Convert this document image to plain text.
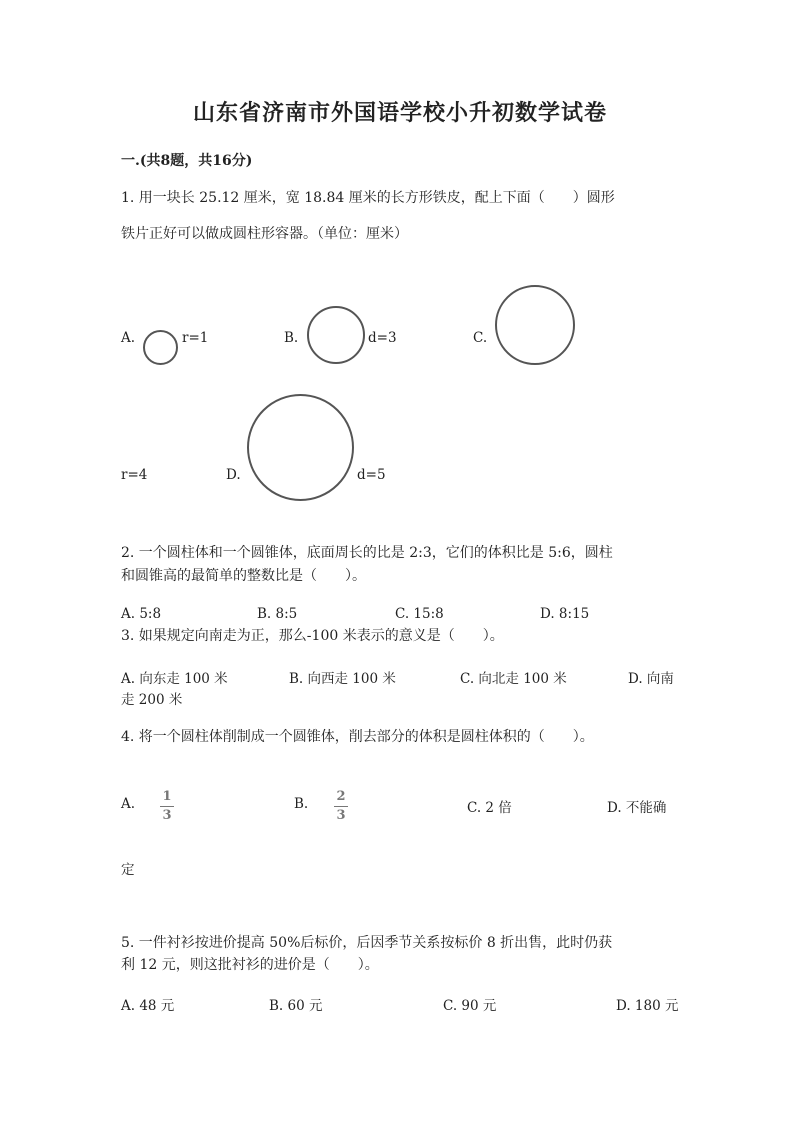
山东省济南市外国语学校小升初数学试卷
一.(共8题，共16分)
1. 用一块长 25.12 厘米，宽 18.84 厘米的长方形铁皮，配上下面（　　）圆形
铁片正好可以做成圆柱形容器。（单位：厘米）
A.	r=1	B.	d=3	C.
r=4	D.	d=5
2. 一个圆柱体和一个圆锥体，底面周长的比是 2:3，它们的体积比是 5:6，圆柱
和圆锥高的最简单的整数比是（　　）。
A. 5:8	B. 8:5	C. 15:8	D. 8:15
3. 如果规定向南走为正，那么-100 米表示的意义是（　　）。
A. 向东走 100 米	B. 向西走 100 米	C. 向北走 100 米	D. 向南
走 200 米
4. 将一个圆柱体削制成一个圆锥体，削去部分的体积是圆柱体积的（　　）。
A. 1
3
B. 2
3	C. 2 倍	D. 不能确
定
5. 一件衬衫按进价提高 50%后标价，后因季节关系按标价 8 折出售，此时仍获
利 12 元，则这批衬衫的进价是（　　）。
A. 48 元	B. 60 元	C. 90 元	D. 180 元
